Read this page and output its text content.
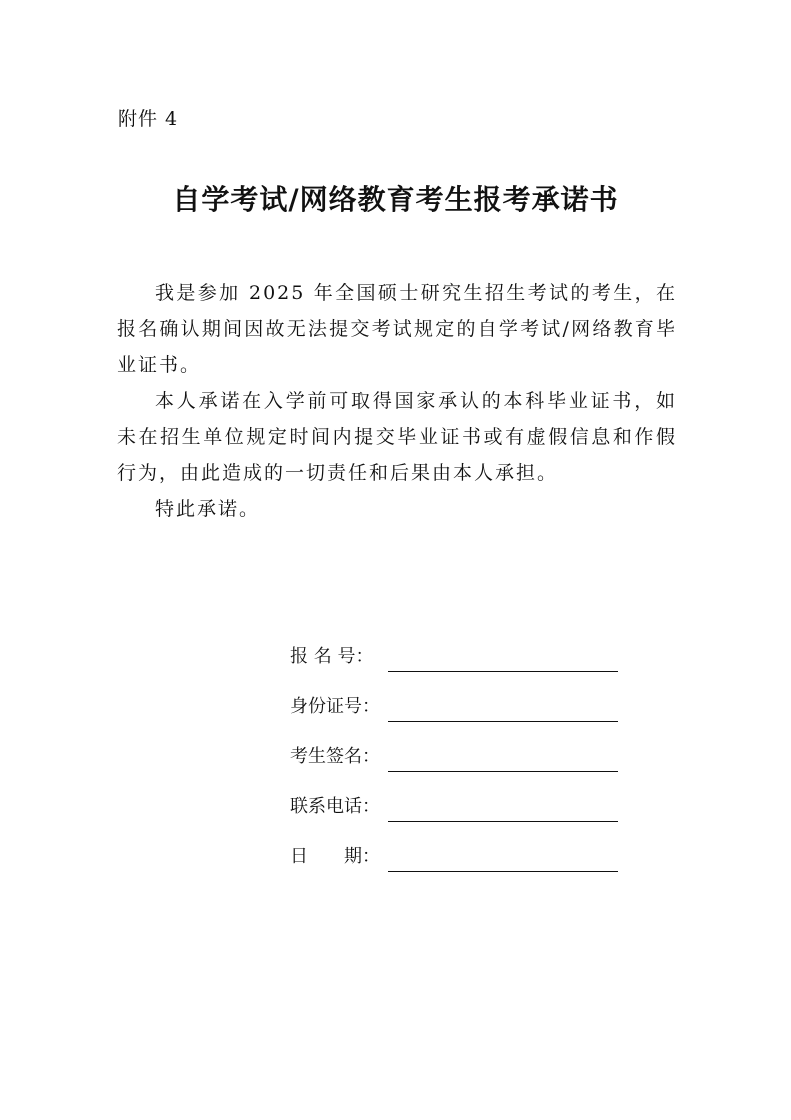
附件 4
自学考试/网络教育考生报考承诺书

我是参加 2025 年全国硕士研究生招生考试的考生，在报名确认期间因故无法提交考试规定的自学考试/网络教育毕业证书。

本人承诺在入学前可取得国家承认的本科毕业证书，如未在招生单位规定时间内提交毕业证书或有虚假信息和作假行为，由此造成的一切责任和后果由本人承担。

特此承诺。

报 名 号：
身份证号：
考生签名：
联系电话：
日　　期：
